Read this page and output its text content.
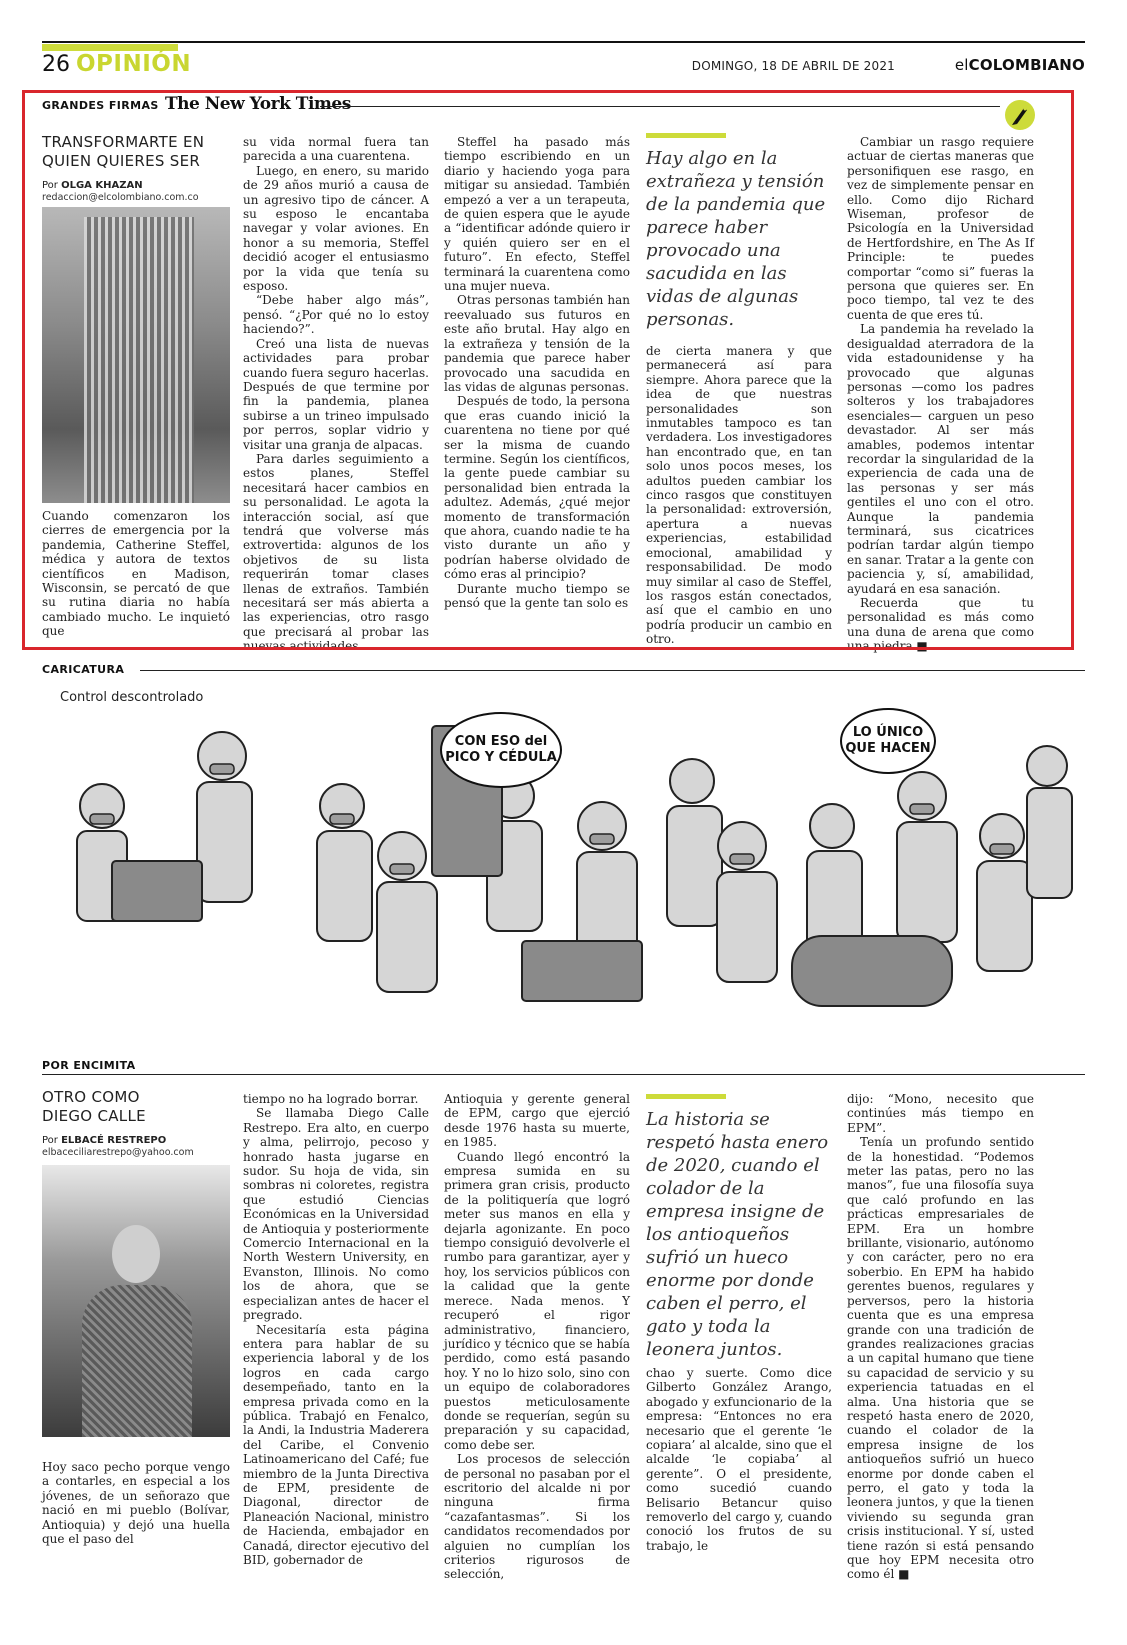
26 OPINIÓN	DOMINGO, 18 DE ABRIL DE 2021	elCOLOMBIANO
GRANDES FIRMAS The New York Times
TRANSFORMARTE EN
QUIEN QUIERES SER
Por OLGA KHAZAN
redaccion@elcolombiano.com.co

Cuando comenzaron los cierres de emergencia por la pandemia, Catherine Steffel, médica y autora de textos científicos en Madison, Wisconsin, se percató de que su rutina diaria no había cambiado mucho. Le inquietó que

su vida normal fuera tan parecida a una cuarentena.

Luego, en enero, su marido de 29 años murió a causa de un agresivo tipo de cáncer. A su esposo le encantaba navegar y volar aviones. En honor a su memoria, Steffel decidió acoger el entusiasmo por la vida que tenía su esposo.

“Debe haber algo más”, pensó. “¿Por qué no lo estoy haciendo?”.

Creó una lista de nuevas actividades para probar cuando fuera seguro hacerlas. Después de que termine por fin la pandemia, planea subirse a un trineo impulsado por perros, soplar vidrio y visitar una granja de alpacas.

Para darles seguimiento a estos planes, Steffel necesitará hacer cambios en su personalidad. Le agota la interacción social, así que tendrá que volverse más extrovertida: algunos de los objetivos de su lista requerirán tomar clases llenas de extraños. También necesitará ser más abierta a las experiencias, otro rasgo que precisará al probar las nuevas actividades.

Steffel ha pasado más tiempo escribiendo en un diario y haciendo yoga para mitigar su ansiedad. También empezó a ver a un terapeuta, de quien espera que le ayude a “identificar adónde quiero ir y quién quiero ser en el futuro”. En efecto, Steffel terminará la cuarentena como una mujer nueva.

Otras personas también han reevaluado sus futuros en este año brutal. Hay algo en la extrañeza y tensión de la pandemia que parece haber provocado una sacudida en las vidas de algunas personas.

Después de todo, la persona que eras cuando inició la cuarentena no tiene por qué ser la misma de cuando termine. Según los científicos, la gente puede cambiar su personalidad bien entrada la adultez. Además, ¿qué mejor momento de transformación que ahora, cuando nadie te ha visto durante un año y podrían haberse olvidado de cómo eras al principio?

Durante mucho tiempo se pensó que la gente tan solo es

Hay algo en la extrañeza y tensión de la pandemia que parece haber provocado una sacudida en las vidas de algunas personas.

de cierta manera y que permanecerá así para siempre. Ahora parece que la idea de que nuestras personalidades son inmutables tampoco es tan verdadera. Los investigadores han encontrado que, en tan solo unos pocos meses, los adultos pueden cambiar los cinco rasgos que constituyen la personalidad: extroversión, apertura a nuevas experiencias, estabilidad emocional, amabilidad y responsabilidad. De modo muy similar al caso de Steffel, los rasgos están conectados, así que el cambio en uno podría producir un cambio en otro.

Cambiar un rasgo requiere actuar de ciertas maneras que personifiquen ese rasgo, en vez de simplemente pensar en ello. Como dijo Richard Wiseman, profesor de Psicología en la Universidad de Hertfordshire, en The As If Principle: te puedes comportar “como si” fueras la persona que quieres ser. En poco tiempo, tal vez te des cuenta de que eres tú.

La pandemia ha revelado la desigualdad aterradora de la vida estadounidense y ha provocado que algunas personas —como los padres solteros y los trabajadores esenciales— carguen un peso devastador. Al ser más amables, podemos intentar recordar la singularidad de la experiencia de cada una de las personas y ser más gentiles el uno con el otro. Aunque la pandemia terminará, sus cicatrices podrían tardar algún tiempo en sanar. Tratar a la gente con paciencia y, sí, amabilidad, ayudará en esa sanación.

Recuerda que tu personalidad es más como una duna de arena que como una piedra ■

CARICATURA
Control descontrolado
CON ESO del PICO Y CÉDULA
LO ÚNICO QUE HACEN
POR ENCIMITA
OTRO COMO
DIEGO CALLE
Por ELBACÉ RESTREPO
elbaceciliarestrepo@yahoo.com

Hoy saco pecho porque vengo a contarles, en especial a los jóvenes, de un señorazo que nació en mi pueblo (Bolívar, Antioquia) y dejó una huella que el paso del

tiempo no ha logrado borrar.

Se llamaba Diego Calle Restrepo. Era alto, en cuerpo y alma, pelirrojo, pecoso y honrado hasta jugarse en sudor. Su hoja de vida, sin sombras ni coloretes, registra que estudió Ciencias Económicas en la Universidad de Antioquia y posteriormente Comercio Internacional en la North Western University, en Evanston, Illinois. No como los de ahora, que se especializan antes de hacer el pregrado.

Necesitaría esta página entera para hablar de su experiencia laboral y de los logros en cada cargo desempeñado, tanto en la empresa privada como en la pública. Trabajó en Fenalco, la Andi, la Industria Maderera del Caribe, el Convenio Latinoamericano del Café; fue miembro de la Junta Directiva de EPM, presidente de Diagonal, director de Planeación Nacional, ministro de Hacienda, embajador en Canadá, director ejecutivo del BID, gobernador de

Antioquia y gerente general de EPM, cargo que ejerció desde 1976 hasta su muerte, en 1985.

Cuando llegó encontró la empresa sumida en su primera gran crisis, producto de la politiquería que logró meter sus manos en ella y dejarla agonizante. En poco tiempo consiguió devolverle el rumbo para garantizar, ayer y hoy, los servicios públicos con la calidad que la gente merece. Nada menos. Y recuperó el rigor administrativo, financiero, jurídico y técnico que se había perdido, como está pasando hoy. Y no lo hizo solo, sino con un equipo de colaboradores puestos meticulosamente donde se requerían, según su preparación y su capacidad, como debe ser.

Los procesos de selección de personal no pasaban por el escritorio del alcalde ni por ninguna firma “cazafantasmas”. Si los candidatos recomendados por alguien no cumplían los criterios rigurosos de selección,

La historia se respetó hasta enero de 2020, cuando el colador de la empresa insigne de los antioqueños sufrió un hueco enorme por donde caben el perro, el gato y toda la leonera juntos.

chao y suerte. Como dice Gilberto González Arango, abogado y exfuncionario de la empresa: “Entonces no era necesario que el gerente ‘le copiara’ al alcalde, sino que el alcalde ‘le copiaba’ al gerente”. O el presidente, como sucedió cuando Belisario Betancur quiso removerlo del cargo y, cuando conoció los frutos de su trabajo, le

dijo: “Mono, necesito que continúes más tiempo en EPM”.

Tenía un profundo sentido de la honestidad. “Podemos meter las patas, pero no las manos”, fue una filosofía suya que caló profundo en las prácticas empresariales de EPM. Era un hombre brillante, visionario, autónomo y con carácter, pero no era soberbio. En EPM ha habido gerentes buenos, regulares y perversos, pero la historia cuenta que es una empresa grande con una tradición de grandes realizaciones gracias a un capital humano que tiene su capacidad de servicio y su experiencia tatuadas en el alma. Una historia que se respetó hasta enero de 2020, cuando el colador de la empresa insigne de los antioqueños sufrió un hueco enorme por donde caben el perro, el gato y toda la leonera juntos, y que la tienen viviendo su segunda gran crisis institucional. Y sí, usted tiene razón si está pensando que hoy EPM necesita otro como él ■
